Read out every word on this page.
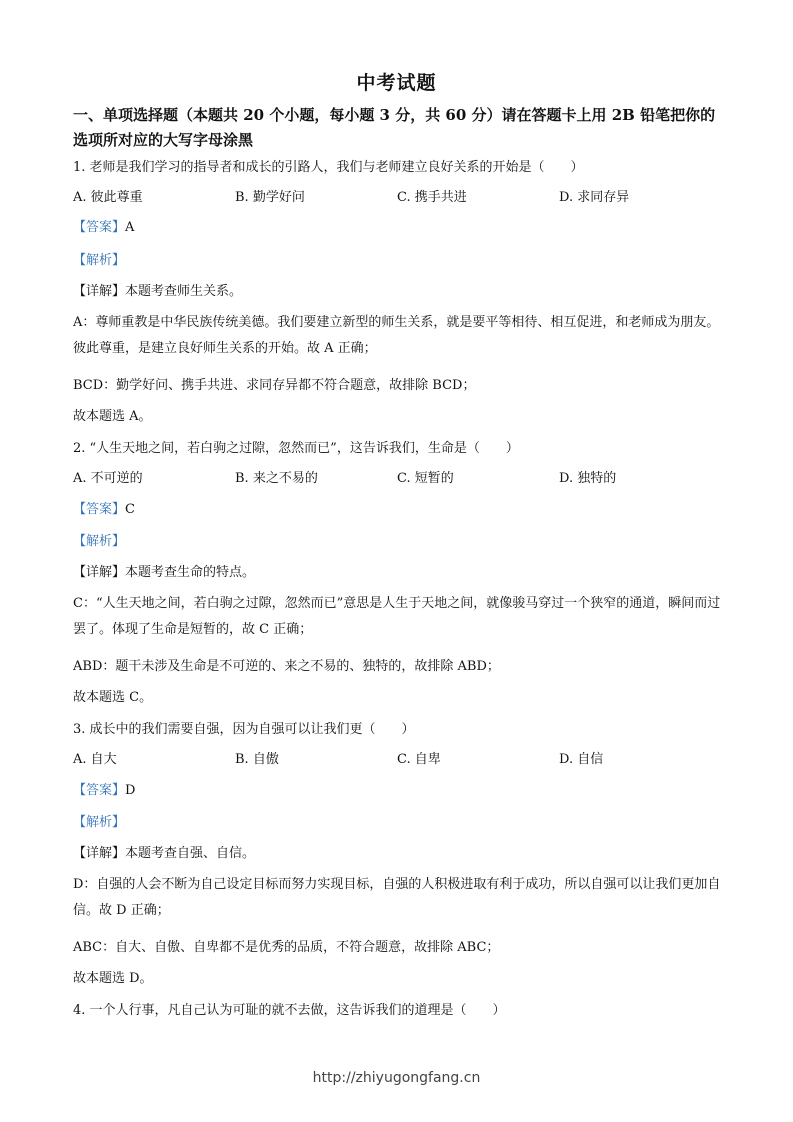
中考试题
一、单项选择题（本题共 20 个小题，每小题 3 分，共 60 分）请在答题卡上用 2B 铅笔把你的选项所对应的大写字母涂黑
1. 老师是我们学习的指导者和成长的引路人，我们与老师建立良好关系的开始是（　　）
A. 彼此尊重	B. 勤学好问	C. 携手共进	D. 求同存异
【答案】A
【解析】
【详解】本题考查师生关系。
A：尊师重教是中华民族传统美德。我们要建立新型的师生关系，就是要平等相待、相互促进，和老师成为朋友。彼此尊重，是建立良好师生关系的开始。故 A 正确；
BCD：勤学好问、携手共进、求同存异都不符合题意，故排除 BCD；
故本题选 A。
2. “人生天地之间，若白驹之过隙，忽然而已”，这告诉我们，生命是（　　）
A. 不可逆的	B. 来之不易的	C. 短暂的	D. 独特的
【答案】C
【解析】
【详解】本题考查生命的特点。
C：“人生天地之间，若白驹之过隙，忽然而已”意思是人生于天地之间，就像骏马穿过一个狭窄的通道，瞬间而过罢了。体现了生命是短暂的，故 C 正确；
ABD：题干未涉及生命是不可逆的、来之不易的、独特的，故排除 ABD；
故本题选 C。
3. 成长中的我们需要自强，因为自强可以让我们更（　　）
A. 自大	B. 自傲	C. 自卑	D. 自信
【答案】D
【解析】
【详解】本题考查自强、自信。
D：自强的人会不断为自己设定目标而努力实现目标，自强的人积极进取有利于成功，所以自强可以让我们更加自信。故 D 正确；
ABC：自大、自傲、自卑都不是优秀的品质，不符合题意，故排除 ABC；
故本题选 D。
4. 一个人行事，凡自己认为可耻的就不去做，这告诉我们的道理是（　　）
http://zhiyugongfang.cn
